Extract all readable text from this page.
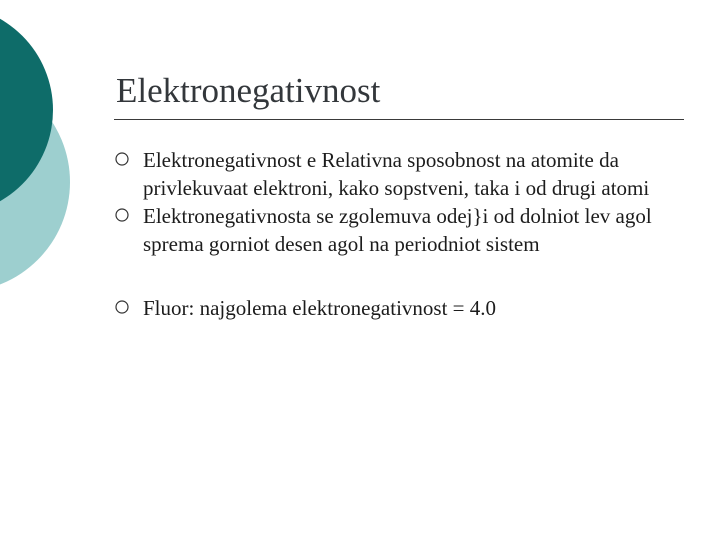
Elektronegativnost
Elektronegativnost e Relativna sposobnost na atomite da privlekuvaat elektroni, kako sopstveni, taka i od drugi atomi
Elektronegativnosta se zgolemuva odej}i od dolniot lev agol sprema gorniot desen agol na periodniot sistem
Fluor: najgolema elektronegativnost = 4.0
